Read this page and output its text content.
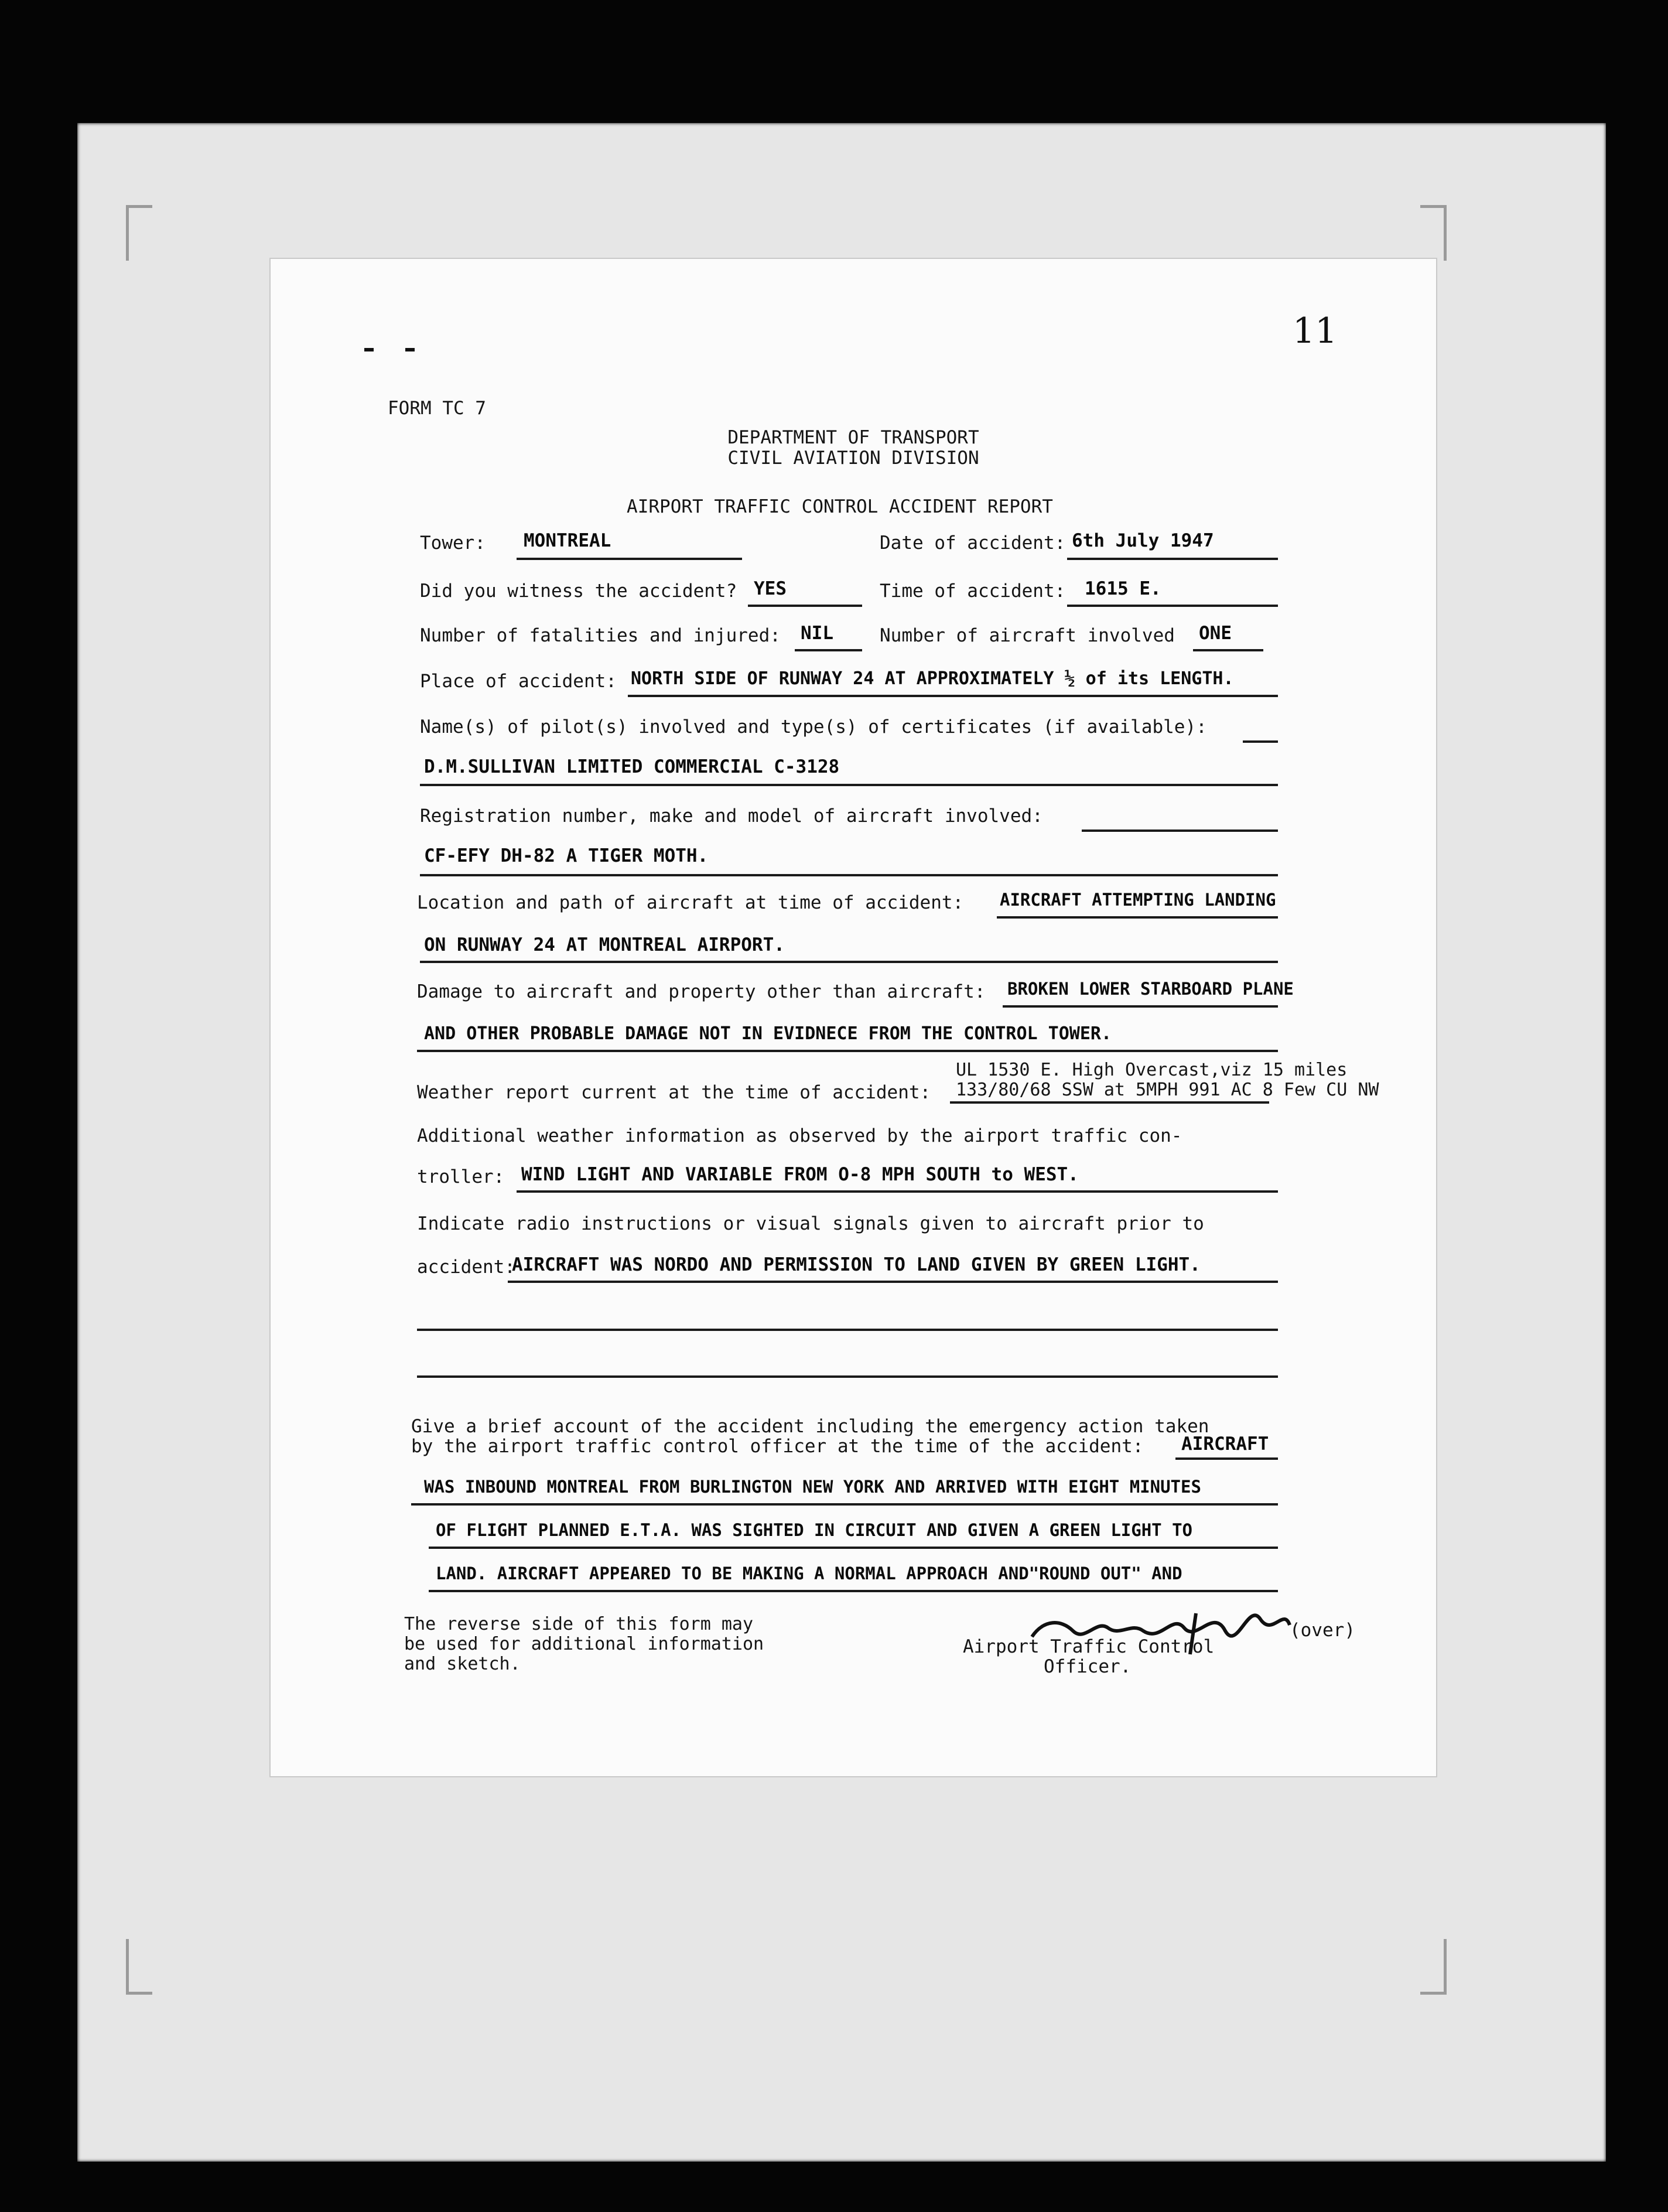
11
FORM TC 7
DEPARTMENT OF TRANSPORT
CIVIL AVIATION DIVISION
AIRPORT TRAFFIC CONTROL ACCIDENT REPORT
Tower: MONTREAL	Date of accident: 6th July 1947
Did you witness the accident? YES	Time of accident: 1615 E.
Number of fatalities and injured: NIL	Number of aircraft involved ONE
Place of accident: NORTH SIDE OF RUNWAY 24 AT APPROXIMATELY ½ of its LENGTH.
Name(s) of pilot(s) involved and type(s) of certificates (if available):
D.M.SULLIVAN LIMITED COMMERCIAL C-3128
Registration number, make and model of aircraft involved:
CF-EFY DH-82 A TIGER MOTH.
Location and path of aircraft at time of accident: AIRCRAFT ATTEMPTING LANDING
ON RUNWAY 24 AT MONTREAL AIRPORT.
Damage to aircraft and property other than aircraft: BROKEN LOWER STARBOARD PLANE
AND OTHER PROBABLE DAMAGE NOT IN EVIDNECE FROM THE CONTROL TOWER.
Weather report current at the time of accident:
UL 1530 E. High Overcast,viz 15 miles
133/80/68 SSW at 5MPH 991 AC 8 Few CU NW
Additional weather information as observed by the airport traffic con-
troller: WIND LIGHT AND VARIABLE FROM O-8 MPH SOUTH to WEST.
Indicate radio instructions or visual signals given to aircraft prior to
accident:
AIRCRAFT WAS NORDO AND PERMISSION TO LAND GIVEN BY GREEN LIGHT.
Give a brief account of the accident including the emergency action taken
by the airport traffic control officer at the time of the accident: AIRCRAFT
WAS INBOUND MONTREAL FROM BURLINGTON NEW YORK AND ARRIVED WITH EIGHT MINUTES
OF FLIGHT PLANNED E.T.A. WAS SIGHTED IN CIRCUIT AND GIVEN A GREEN LIGHT TO
LAND. AIRCRAFT APPEARED TO BE MAKING A NORMAL APPROACH AND"ROUND OUT" AND
The reverse side of this form may
be used for additional information
and sketch.
(over)
Airport Traffic Control
Officer.
